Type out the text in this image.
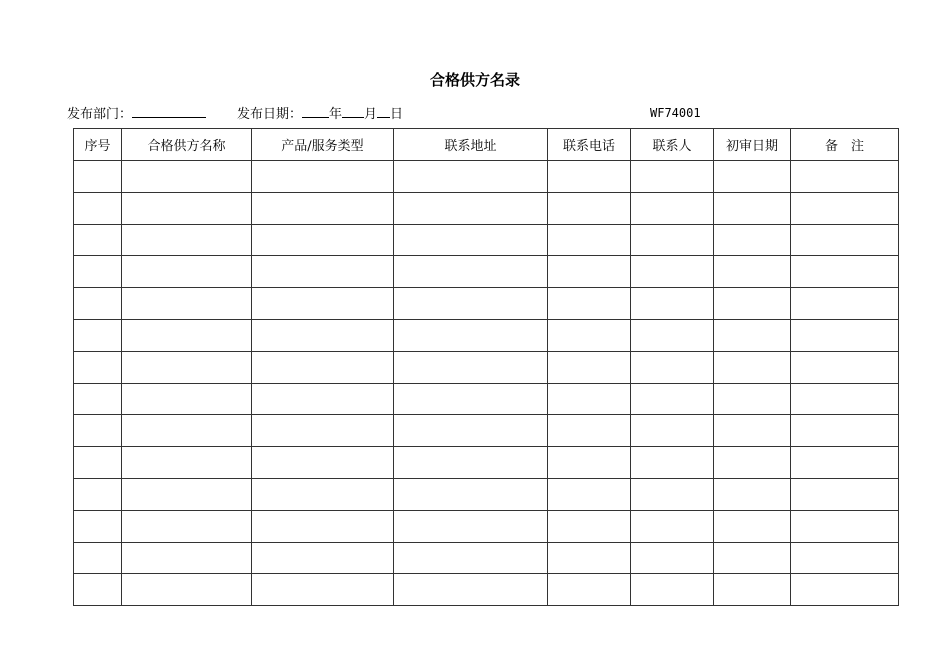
合格供方名录
发布部门：	发布日期： 年 月 日	WF74001
序号	合格供方名称	产品/服务类型	联系地址	联系电话	联系人	初审日期	备　注
